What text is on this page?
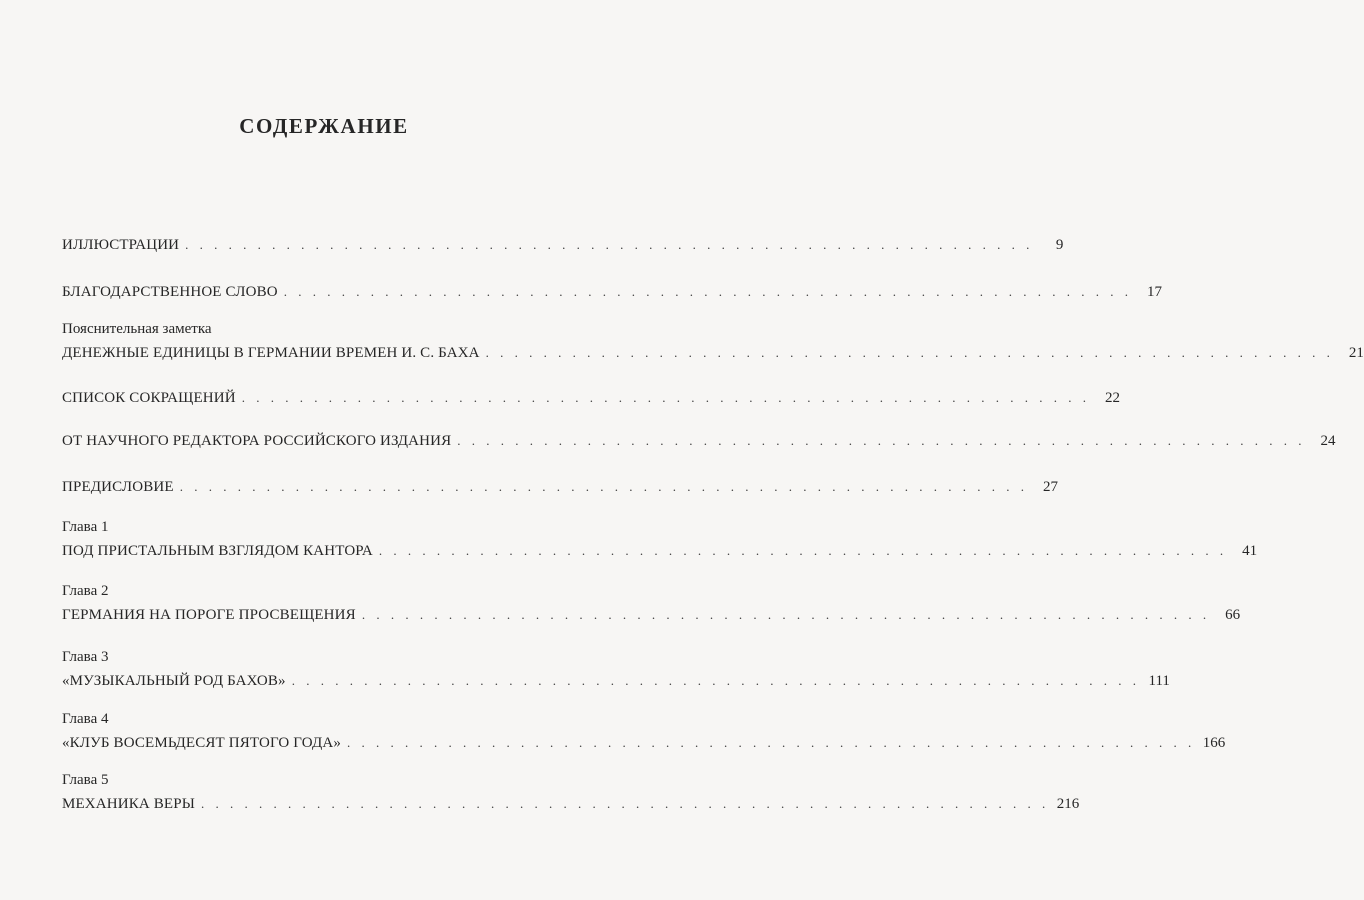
СОДЕРЖАНИЕ
ИЛЛЮСТРАЦИИ . . . . . . . . . . . . . . . . . . . . . . . . . . . . . . . . . . . . . . . . . . . . . . . . . . . . . . . . . . .	9
БЛАГОДАРСТВЕННОЕ СЛОВО . . . . . . . . . . . . . . . . . . . . . . . . . . . . . . . . . . . . . . . . . . . . . . . . . . . . . . . . . . .	17
Пояснительная заметка
ДЕНЕЖНЫЕ ЕДИНИЦЫ В ГЕРМАНИИ ВРЕМЕН И. С. БАХА . . . . . . . . . . . . . . . . . . . . . . . . . . . . . . . . . . . . . . . . . . . . . . . . . . . . . . . . . . .	21
СПИСОК СОКРАЩЕНИЙ . . . . . . . . . . . . . . . . . . . . . . . . . . . . . . . . . . . . . . . . . . . . . . . . . . . . . . . . . . .	22
ОТ НАУЧНОГО РЕДАКТОРА РОССИЙСКОГО ИЗДАНИЯ . . . . . . . . . . . . . . . . . . . . . . . . . . . . . . . . . . . . . . . . . . . . . . . . . . . . . . . . . . .	24
ПРЕДИСЛОВИЕ . . . . . . . . . . . . . . . . . . . . . . . . . . . . . . . . . . . . . . . . . . . . . . . . . . . . . . . . . . .	27
Глава 1
ПОД ПРИСТАЛЬНЫМ ВЗГЛЯДОМ КАНТОРА . . . . . . . . . . . . . . . . . . . . . . . . . . . . . . . . . . . . . . . . . . . . . . . . . . . . . . . . . . .	41
Глава 2
ГЕРМАНИЯ НА ПОРОГЕ ПРОСВЕЩЕНИЯ . . . . . . . . . . . . . . . . . . . . . . . . . . . . . . . . . . . . . . . . . . . . . . . . . . . . . . . . . . .	66
Глава 3
«МУЗЫКАЛЬНЫЙ РОД БАХОВ» . . . . . . . . . . . . . . . . . . . . . . . . . . . . . . . . . . . . . . . . . . . . . . . . . . . . . . . . . . . 111
Глава 4
«КЛУБ ВОСЕМЬДЕСЯТ ПЯТОГО ГОДА» . . . . . . . . . . . . . . . . . . . . . . . . . . . . . . . . . . . . . . . . . . . . . . . . . . . . . . . . . . . 166
Глава 5
МЕХАНИКА ВЕРЫ . . . . . . . . . . . . . . . . . . . . . . . . . . . . . . . . . . . . . . . . . . . . . . . . . . . . . . . . . . . 216
